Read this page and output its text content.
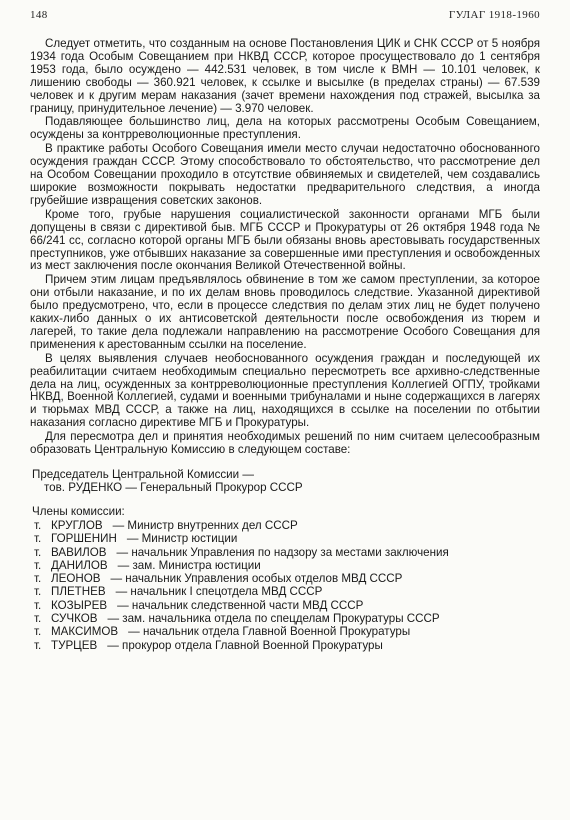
148	ГУЛАГ 1918-1960

Следует отметить, что созданным на основе Постановления ЦИК и СНК СССР от 5 ноября 1934 года Особым Совещанием при НКВД СССР, которое просуществовало до 1 сентября 1953 года, было осуждено — 442.531 человек, в том числе к ВМН — 10.101 человек, к лишению свободы — 360.921 человек, к ссылке и высылке (в пределах страны) — 67.539 человек и к другим мерам наказания (зачет времени нахождения под стражей, высылка за границу, принудительное лечение) — 3.970 человек.

Подавляющее большинство лиц, дела на которых рассмотрены Особым Совещанием, осуждены за контрреволюционные преступления.

В практике работы Особого Совещания имели место случаи недостаточно обоснованного осуждения граждан СССР. Этому способствовало то обстоятельство, что рассмотрение дел на Особом Совещании проходило в отсутствие обвиняемых и свидетелей, чем создавались широкие возможности покрывать недостатки предварительного следствия, а иногда грубейшие извращения советских законов.

Кроме того, грубые нарушения социалистической законности органами МГБ были допущены в связи с директивой быв. МГБ СССР и Прокуратуры от 26 октября 1948 года № 66/241 сс, согласно которой органы МГБ были обязаны вновь арестовывать государственных преступников, уже отбывших наказание за совершенные ими преступления и освобожденных из мест заключения после окончания Великой Отечественной войны.

Причем этим лицам предъявлялось обвинение в том же самом преступлении, за которое они отбыли наказание, и по их делам вновь проводилось следствие. Указанной директивой было предусмотрено, что, если в процессе следствия по делам этих лиц не будет получено каких-либо данных о их антисоветской деятельности после освобождения из тюрем и лагерей, то такие дела подлежали направлению на рассмотрение Особого Совещания для применения к арестованным ссылки на поселение.

В целях выявления случаев необоснованного осуждения граждан и последующей их реабилитации считаем необходимым специально пересмотреть все архивно-следственные дела на лиц, осужденных за контрреволюционные преступления Коллегией ОГПУ, тройками НКВД, Военной Коллегией, судами и военными трибуналами и ныне содержащихся в лагерях и тюрьмах МВД СССР, а также на лиц, находящихся в ссылке на поселении по отбытии наказания согласно директиве МГБ и Прокуратуры.

Для пересмотра дел и принятия необходимых решений по ним считаем целесообразным образовать Центральную Комиссию в следующем составе:

Председатель Центральной Комиссии —
тов. РУДЕНКО — Генеральный Прокурор СССР
Члены комиссии:
т. КРУГЛОВ — Министр внутренних дел СССР
т. ГОРШЕНИН — Министр юстиции
т. ВАВИЛОВ — начальник Управления по надзору за местами заключения
т. ДАНИЛОВ — зам. Министра юстиции
т. ЛЕОНОВ — начальник Управления особых отделов МВД СССР
т. ПЛЕТНЕВ — начальник I спецотдела МВД СССР
т. КОЗЫРЕВ — начальник следственной части МВД СССР
т. СУЧКОВ — зам. начальника отдела по спецделам Прокуратуры СССР
т. МАКСИМОВ — начальник отдела Главной Военной Прокуратуры
т. ТУРЦЕВ — прокурор отдела Главной Военной Прокуратуры
